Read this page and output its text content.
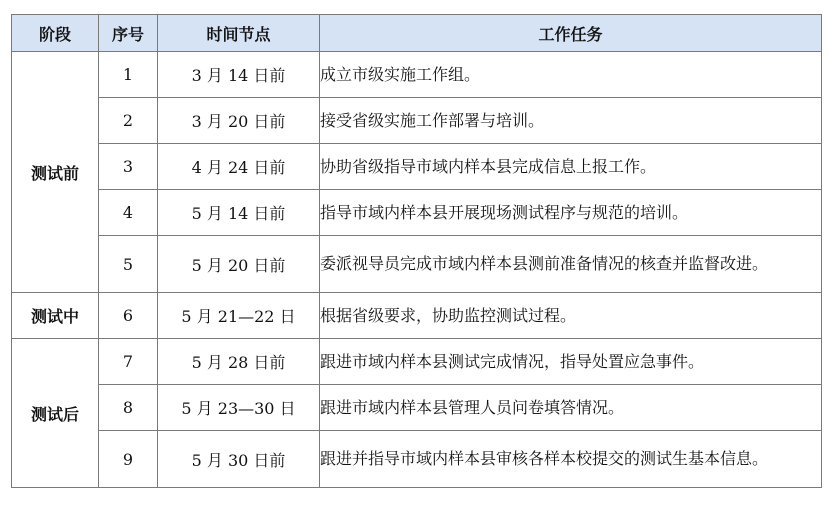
阶段	序号	时间节点	工作任务
测试前	1	3 月 14 日前	成立市级实施工作组。
	2	3 月 20 日前	接受省级实施工作部署与培训。
	3	4 月 24 日前	协助省级指导市域内样本县完成信息上报工作。
	4	5 月 14 日前	指导市域内样本县开展现场测试程序与规范的培训。
	5	5 月 20 日前	委派视导员完成市域内样本县测前准备情况的核查并监督改进。
测试中	6	5 月 21—22 日	根据省级要求，协助监控测试过程。
测试后	7	5 月 28 日前	跟进市域内样本县测试完成情况，指导处置应急事件。
	8	5 月 23—30 日	跟进市域内样本县管理人员问卷填答情况。
	9	5 月 30 日前	跟进并指导市域内样本县审核各样本校提交的测试生基本信息。
